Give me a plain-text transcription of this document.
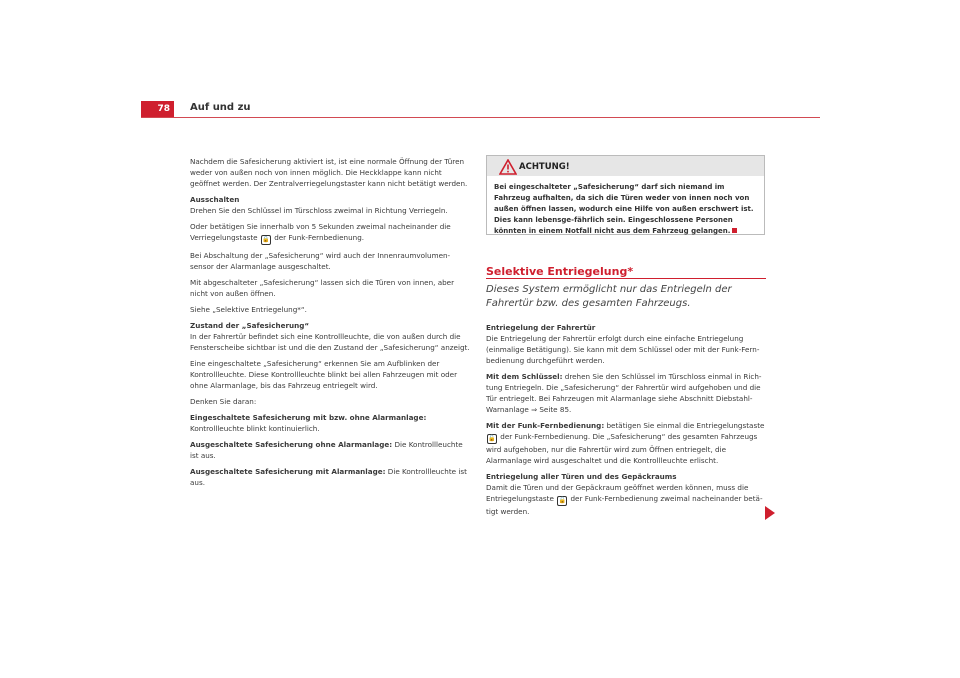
78	Auf und zu

Nachdem die Safesicherung aktiviert ist, ist eine normale Öffnung der Türen weder von außen noch von innen möglich. Die Heckklappe kann nicht geöffnet werden. Der Zentralverriegelungstaster kann nicht betätigt werden.

Ausschalten
Drehen Sie den Schlüssel im Türschloss zweimal in Richtung Verriegeln.

Oder betätigen Sie innerhalb von 5 Sekunden zweimal nacheinander die Verriegelungstaste 🔒 der Funk-Fernbedienung.

Bei Abschaltung der „Safesicherung“ wird auch der Innenraumvolumen-sensor der Alarmanlage ausgeschaltet.

Mit abgeschalteter „Safesicherung“ lassen sich die Türen von innen, aber nicht von außen öffnen.

Siehe „Selektive Entriegelung*“.

Zustand der „Safesicherung“
In der Fahrertür befindet sich eine Kontrollleuchte, die von außen durch die Fensterscheibe sichtbar ist und die den Zustand der „Safesicherung“ anzeigt.

Eine eingeschaltete „Safesicherung“ erkennen Sie am Aufblinken der Kontrollleuchte. Diese Kontrollleuchte blinkt bei allen Fahrzeugen mit oder ohne Alarmanlage, bis das Fahrzeug entriegelt wird.

Denken Sie daran:

Eingeschaltete Safesicherung mit bzw. ohne Alarmanlage: Kontrollleuchte blinkt kontinuierlich.

Ausgeschaltete Safesicherung ohne Alarmanlage: Die Kontrollleuchte ist aus.

Ausgeschaltete Safesicherung mit Alarmanlage: Die Kontrollleuchte ist aus.

ACHTUNG!
Bei eingeschalteter „Safesicherung“ darf sich niemand im Fahrzeug aufhalten, da sich die Türen weder von innen noch von außen öffnen lassen, wodurch eine Hilfe von außen erschwert ist. Dies kann lebensge-fährlich sein. Eingeschlossene Personen könnten in einem Notfall nicht aus dem Fahrzeug gelangen.
Selektive Entriegelung*
Dieses System ermöglicht nur das Entriegeln der Fahrertür bzw. des gesamten Fahrzeugs.

Entriegelung der Fahrertür
Die Entriegelung der Fahrertür erfolgt durch eine einfache Entriegelung (einmalige Betätigung). Sie kann mit dem Schlüssel oder mit der Funk-Fern-bedienung durchgeführt werden.

Mit dem Schlüssel: drehen Sie den Schlüssel im Türschloss einmal in Rich-tung Entriegeln. Die „Safesicherung“ der Fahrertür wird aufgehoben und die Tür entriegelt. Bei Fahrzeugen mit Alarmanlage siehe Abschnitt Diebstahl-Warnanlage ⇒ Seite 85.

Mit der Funk-Fernbedienung: betätigen Sie einmal die Entriegelungstaste 🔓 der Funk-Fernbedienung. Die „Safesicherung“ des gesamten Fahrzeugs wird aufgehoben, nur die Fahrertür wird zum Öffnen entriegelt, die Alarmanlage wird ausgeschaltet und die Kontrollleuchte erlischt.

Entriegelung aller Türen und des Gepäckraums
Damit die Türen und der Gepäckraum geöffnet werden können, muss die Entriegelungstaste 🔓 der Funk-Fernbedienung zweimal nacheinander betä-tigt werden.
